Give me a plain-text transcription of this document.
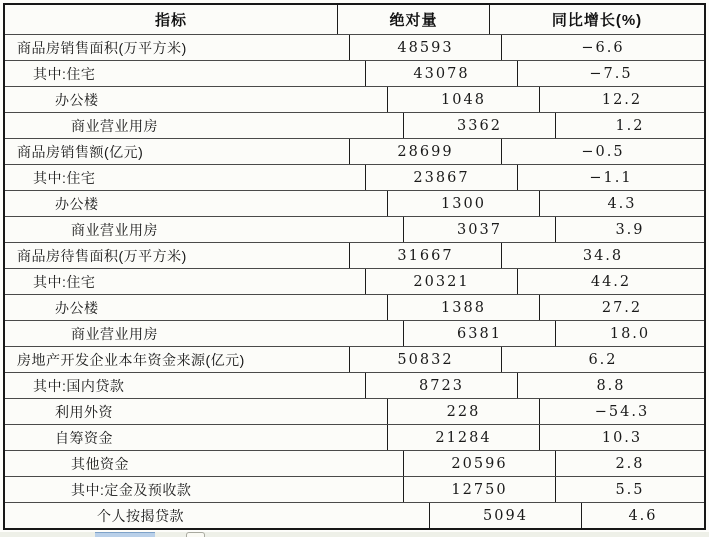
指标	绝对量	同比增长(%)
商品房销售面积(万平方米)	48593	−6.6
其中:住宅	43078	−7.5
办公楼	1048	12.2
商业营业用房	3362	1.2
商品房销售额(亿元)	28699	−0.5
其中:住宅	23867	−1.1
办公楼	1300	4.3
商业营业用房	3037	3.9
商品房待售面积(万平方米)	31667	34.8
其中:住宅	20321	44.2
办公楼	1388	27.2
商业营业用房	6381	18.0
房地产开发企业本年资金来源(亿元)	50832	6.2
其中:国内贷款	8723	8.8
利用外资	228	−54.3
自筹资金	21284	10.3
其他资金	20596	2.8
其中:定金及预收款	12750	5.5
个人按揭贷款	5094	4.6
